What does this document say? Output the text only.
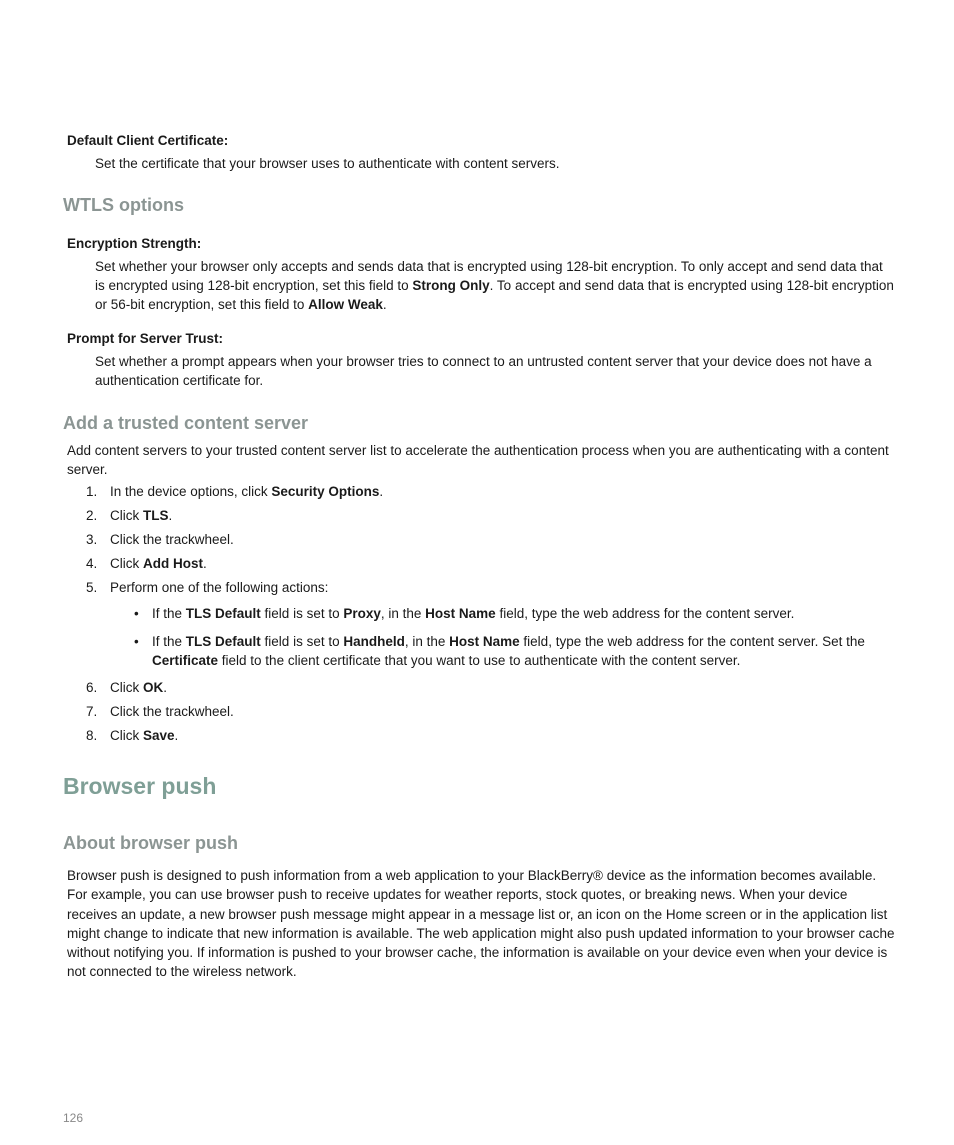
Default Client Certificate:
Set the certificate that your browser uses to authenticate with content servers.
WTLS options
Encryption Strength:
Set whether your browser only accepts and sends data that is encrypted using 128-bit encryption. To only accept and send data that is encrypted using 128-bit encryption, set this field to Strong Only. To accept and send data that is encrypted using 128-bit encryption or 56-bit encryption, set this field to Allow Weak.
Prompt for Server Trust:
Set whether a prompt appears when your browser tries to connect to an untrusted content server that your device does not have a authentication certificate for.
Add a trusted content server
Add content servers to your trusted content server list to accelerate the authentication process when you are authenticating with a content server.
1. In the device options, click Security Options.
2. Click TLS.
3. Click the trackwheel.
4. Click Add Host.
5. Perform one of the following actions:
• If the TLS Default field is set to Proxy, in the Host Name field, type the web address for the content server.
• If the TLS Default field is set to Handheld, in the Host Name field, type the web address for the content server. Set the Certificate field to the client certificate that you want to use to authenticate with the content server.
6. Click OK.
7. Click the trackwheel.
8. Click Save.
Browser push
About browser push
Browser push is designed to push information from a web application to your BlackBerry® device as the information becomes available. For example, you can use browser push to receive updates for weather reports, stock quotes, or breaking news. When your device receives an update, a new browser push message might appear in a message list or, an icon on the Home screen or in the application list might change to indicate that new information is available. The web application might also push updated information to your browser cache without notifying you. If information is pushed to your browser cache, the information is available on your device even when your device is not connected to the wireless network.
126
